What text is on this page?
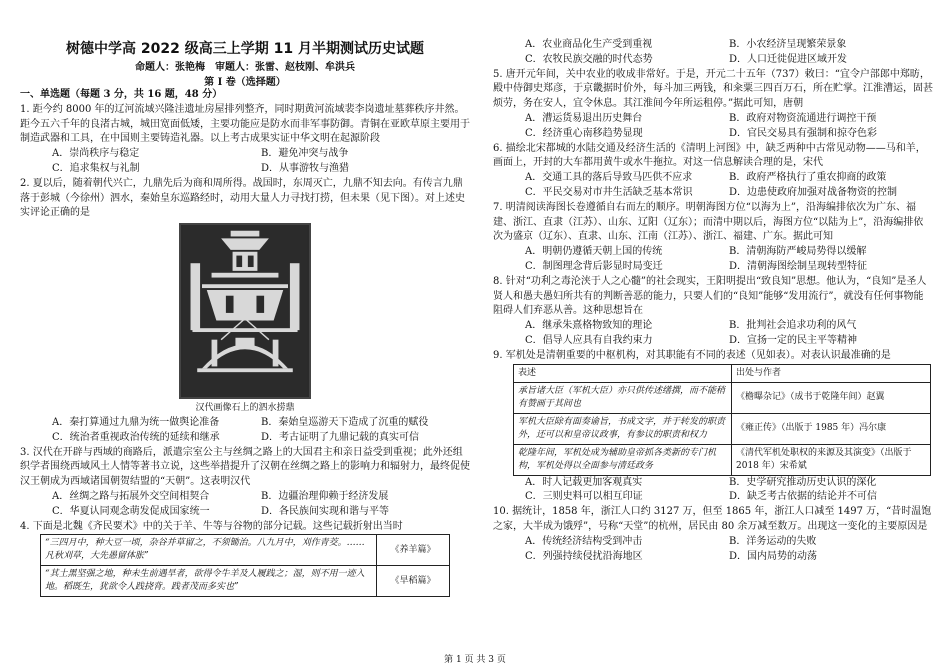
树德中学高 2022 级高三上学期 11 月半期测试历史试题
命题人：张艳梅　审题人：张雷、赵枝刚、牟洪兵
第 I 卷（选择题）

一、单选题（每题 3 分，共 16 题，48 分）

1. 距今约 8000 年的辽河流域兴隆洼遗址房屋排列整齐，同时期黄河流域裴李岗遗址墓葬秩序井然。距今五六千年的良渚古城，城田宽面低矮，主要功能应是防水而非军事防御。青铜在亚欧草原主要用于制造武器和工具，在中国则主要铸造礼器。以上考古成果实证中华文明在起源阶段

A．崇尚秩序与稳定	B．避免冲突与战争
C．追求集权与礼制	D．从事游牧与渔猎

2. 夏以后，随着朝代兴亡，九鼎先后为商和周所得。战国时，东周灭亡，九鼎不知去向。有传言九鼎落于彭城（今徐州）泗水，秦始皇东巡路经时，动用大量人力寻找打捞，但未果（见下图）。对上述史实评论正确的是

汉代画像石上的泗水捞鼎
A．秦打算通过九鼎为统一做舆论准备	B．秦始皇巡游天下造成了沉重的赋役
C．统治者重视政治传统的延续和继承	D．考古证明了九鼎记载的真实可信

3. 汉代在开辟与西域的商路后，派遣宗室公主与丝绸之路上的大国君主和亲日益受到重视；此外还组织学者围绕西域风土人情等著书立说，这些举措提升了汉朝在丝绸之路上的影响力和辐射力，最终促使汉王朝成为西域诸国朝贺结盟的“天朝”。这表明汉代

A．丝绸之路与拓展外交空间相契合	B．边疆治理仰赖于经济发展
C．华夏认同观念萌发促成国家统一	D．各民族间实现和谐与平等

4. 下面是北魏《齐民要术》中的关于羊、牛等与谷物的部分记载。这些记载折射出当时

“三四月中，种大豆一顷，杂谷并草留之，不须锄治。八九月中，刈作青茭。……凡秋刈草，大先愚留体胀”	《养羊篇》
“其土黑坚强之地，种未生前遇旱者，欲得令牛羊及人履践之；湿，则不用一迹入地。稻既生，犹欲令人践挠背。践者茂而多实也”	《旱稻篇》
A．农业商品化生产受到重视	B．小农经济呈现繁荣景象
C．农牧民族交融的时代态势	D．人口迁徙促进区域开发

5. 唐开元年间，关中农业的收成非常好。于是，开元二十五年（737）敕曰：“宜令户部郎中郑昉，殿中侍御史郑彦，于京畿据时价外，每斗加三两钱，和籴粟三四百万石，所在贮掌。江淮漕运，固甚烦劳，务在安人，宜令休息。其江淮间今年所运租停。”据此可知，唐朝

A．漕运货易退出历史舞台	B．政府对物资流通进行调控干预
C．经济重心南移趋势显现	D．官民交易具有强制和掠夺色彩

6. 描绘北宋都城的水陆交通及经济生活的《清明上河图》中，缺乏两种中古常见动物——马和羊，画面上，开封的大车都用黄牛或水牛拖拉。对这一信息解读合理的是，宋代

A．交通工具的落后导致马匹供不应求	B．政府严格执行了重农抑商的政策
C．平民交易对市井生活缺乏基本常识	D．边患使政府加强对战备物资的控制

7. 明清阅读海图长卷遵循自右而左的顺序。明朝海图方位“以海为上”，沿海编排依次为广东、福建、浙江、直隶（江苏）、山东、辽阳（辽东）；而清中期以后，海图方位“以陆为上”，沿海编排依次为盛京（辽东）、直隶、山东、江南（江苏）、浙江、福建、广东。据此可知

A．明朝仍遵循天朝上国的传统	B．清朝海防严峻局势得以缓解
C．制图理念背后影显时局变迁	D．清朝海图绘制呈现转型特征

8. 针对“功利之毒沦浃于人之心髓”的社会现实，王阳明提出“致良知”思想。他认为，“良知”是圣人贤人和愚夫愚妇所共有的判断善恶的能力，只要人们的“良知”能够“发用流行”，就没有任何事物能阻碍人们弃恶从善。这种思想旨在

A．继承朱熹格物致知的理论	B．批判社会追求功利的风气
C．倡导人应具有自我约束力	D．宣扬一定的民主平等精神

9. 军机处是清朝重要的中枢机构，对其职能有不同的表述（见如表）。对表认识最准确的是

表述	出处与作者
承旨诸大臣（军机大臣）亦只供传述缮撰，而不能稍有赞画于其间也	《檐曝杂记》（成书于乾隆年间）赵翼
军机大臣除有面奏谕旨，书成文字，并于转发的职责外，还可以和皇帝议政事，有参议的职责和权力	《雍正传》（出版于 1985 年）冯尔康
乾隆年间，军机处成为辅助皇帝抓各类新的专门机构，军机处得以全面参与清廷政务	《清代军机处职权的来源及其演变》（出版于 2018 年）宋希斌
A．时人记载更加客观真实	B．史学研究推动历史认识的深化
C．三则史料可以相互印证	D．缺乏考古依据的结论并不可信

10. 据统计，1858 年，浙江人口约 3127 万，但至 1865 年，浙江人口减至 1497 万，“昔时温饱之家，大半成为饿殍”，号称“天堂”的杭州，居民由 80 余万减至数万。出现这一变化的主要原因是

A．传统经济结构受到冲击	B．洋务运动的失败
C．列强持续侵扰沿海地区	D．国内局势的动荡
第 1 页 共 3 页
